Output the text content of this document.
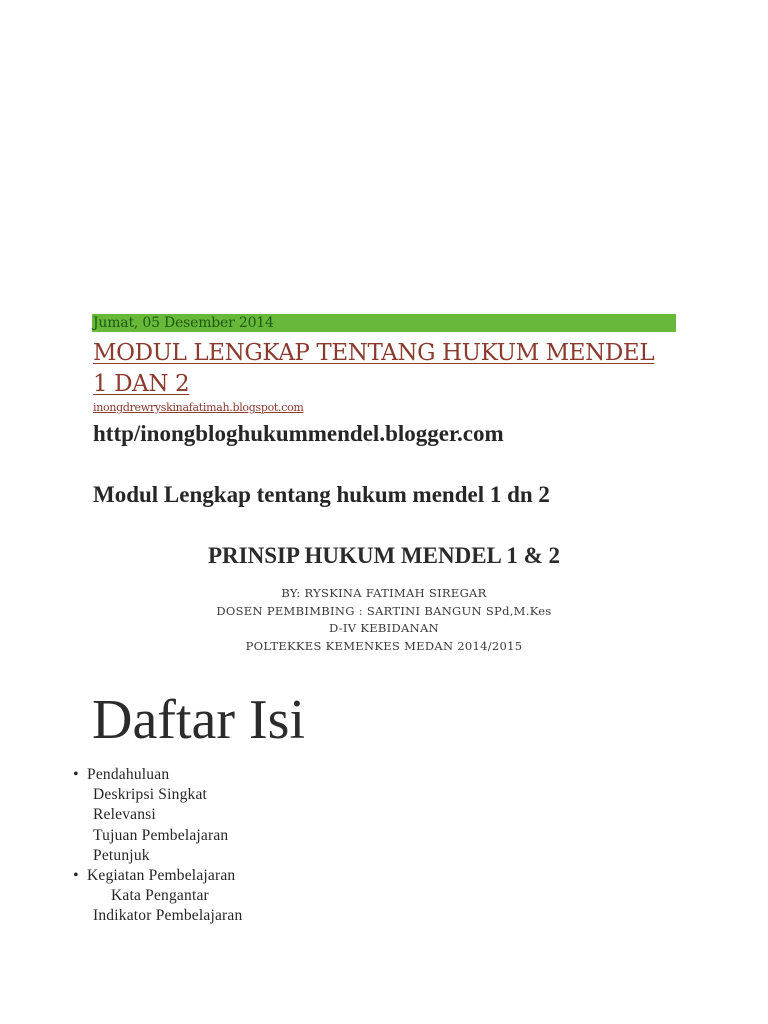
Jumat, 05 Desember 2014
MODUL LENGKAP TENTANG HUKUM MENDEL 1 DAN 2
inongdrewryskinafatimah.blogspot.com
http/inongbloghukummendel.blogger.com
Modul Lengkap tentang hukum mendel 1 dn 2
PRINSIP HUKUM MENDEL 1 & 2
BY: RYSKINA FATIMAH SIREGAR
DOSEN PEMBIMBING : SARTINI BANGUN SPd,M.Kes
D-IV KEBIDANAN
POLTEKKES KEMENKES MEDAN 2014/2015
Daftar Isi
• Pendahuluan
Deskripsi Singkat
Relevansi
Tujuan Pembelajaran
Petunjuk
• Kegiatan Pembelajaran
Kata Pengantar
Indikator Pembelajaran
